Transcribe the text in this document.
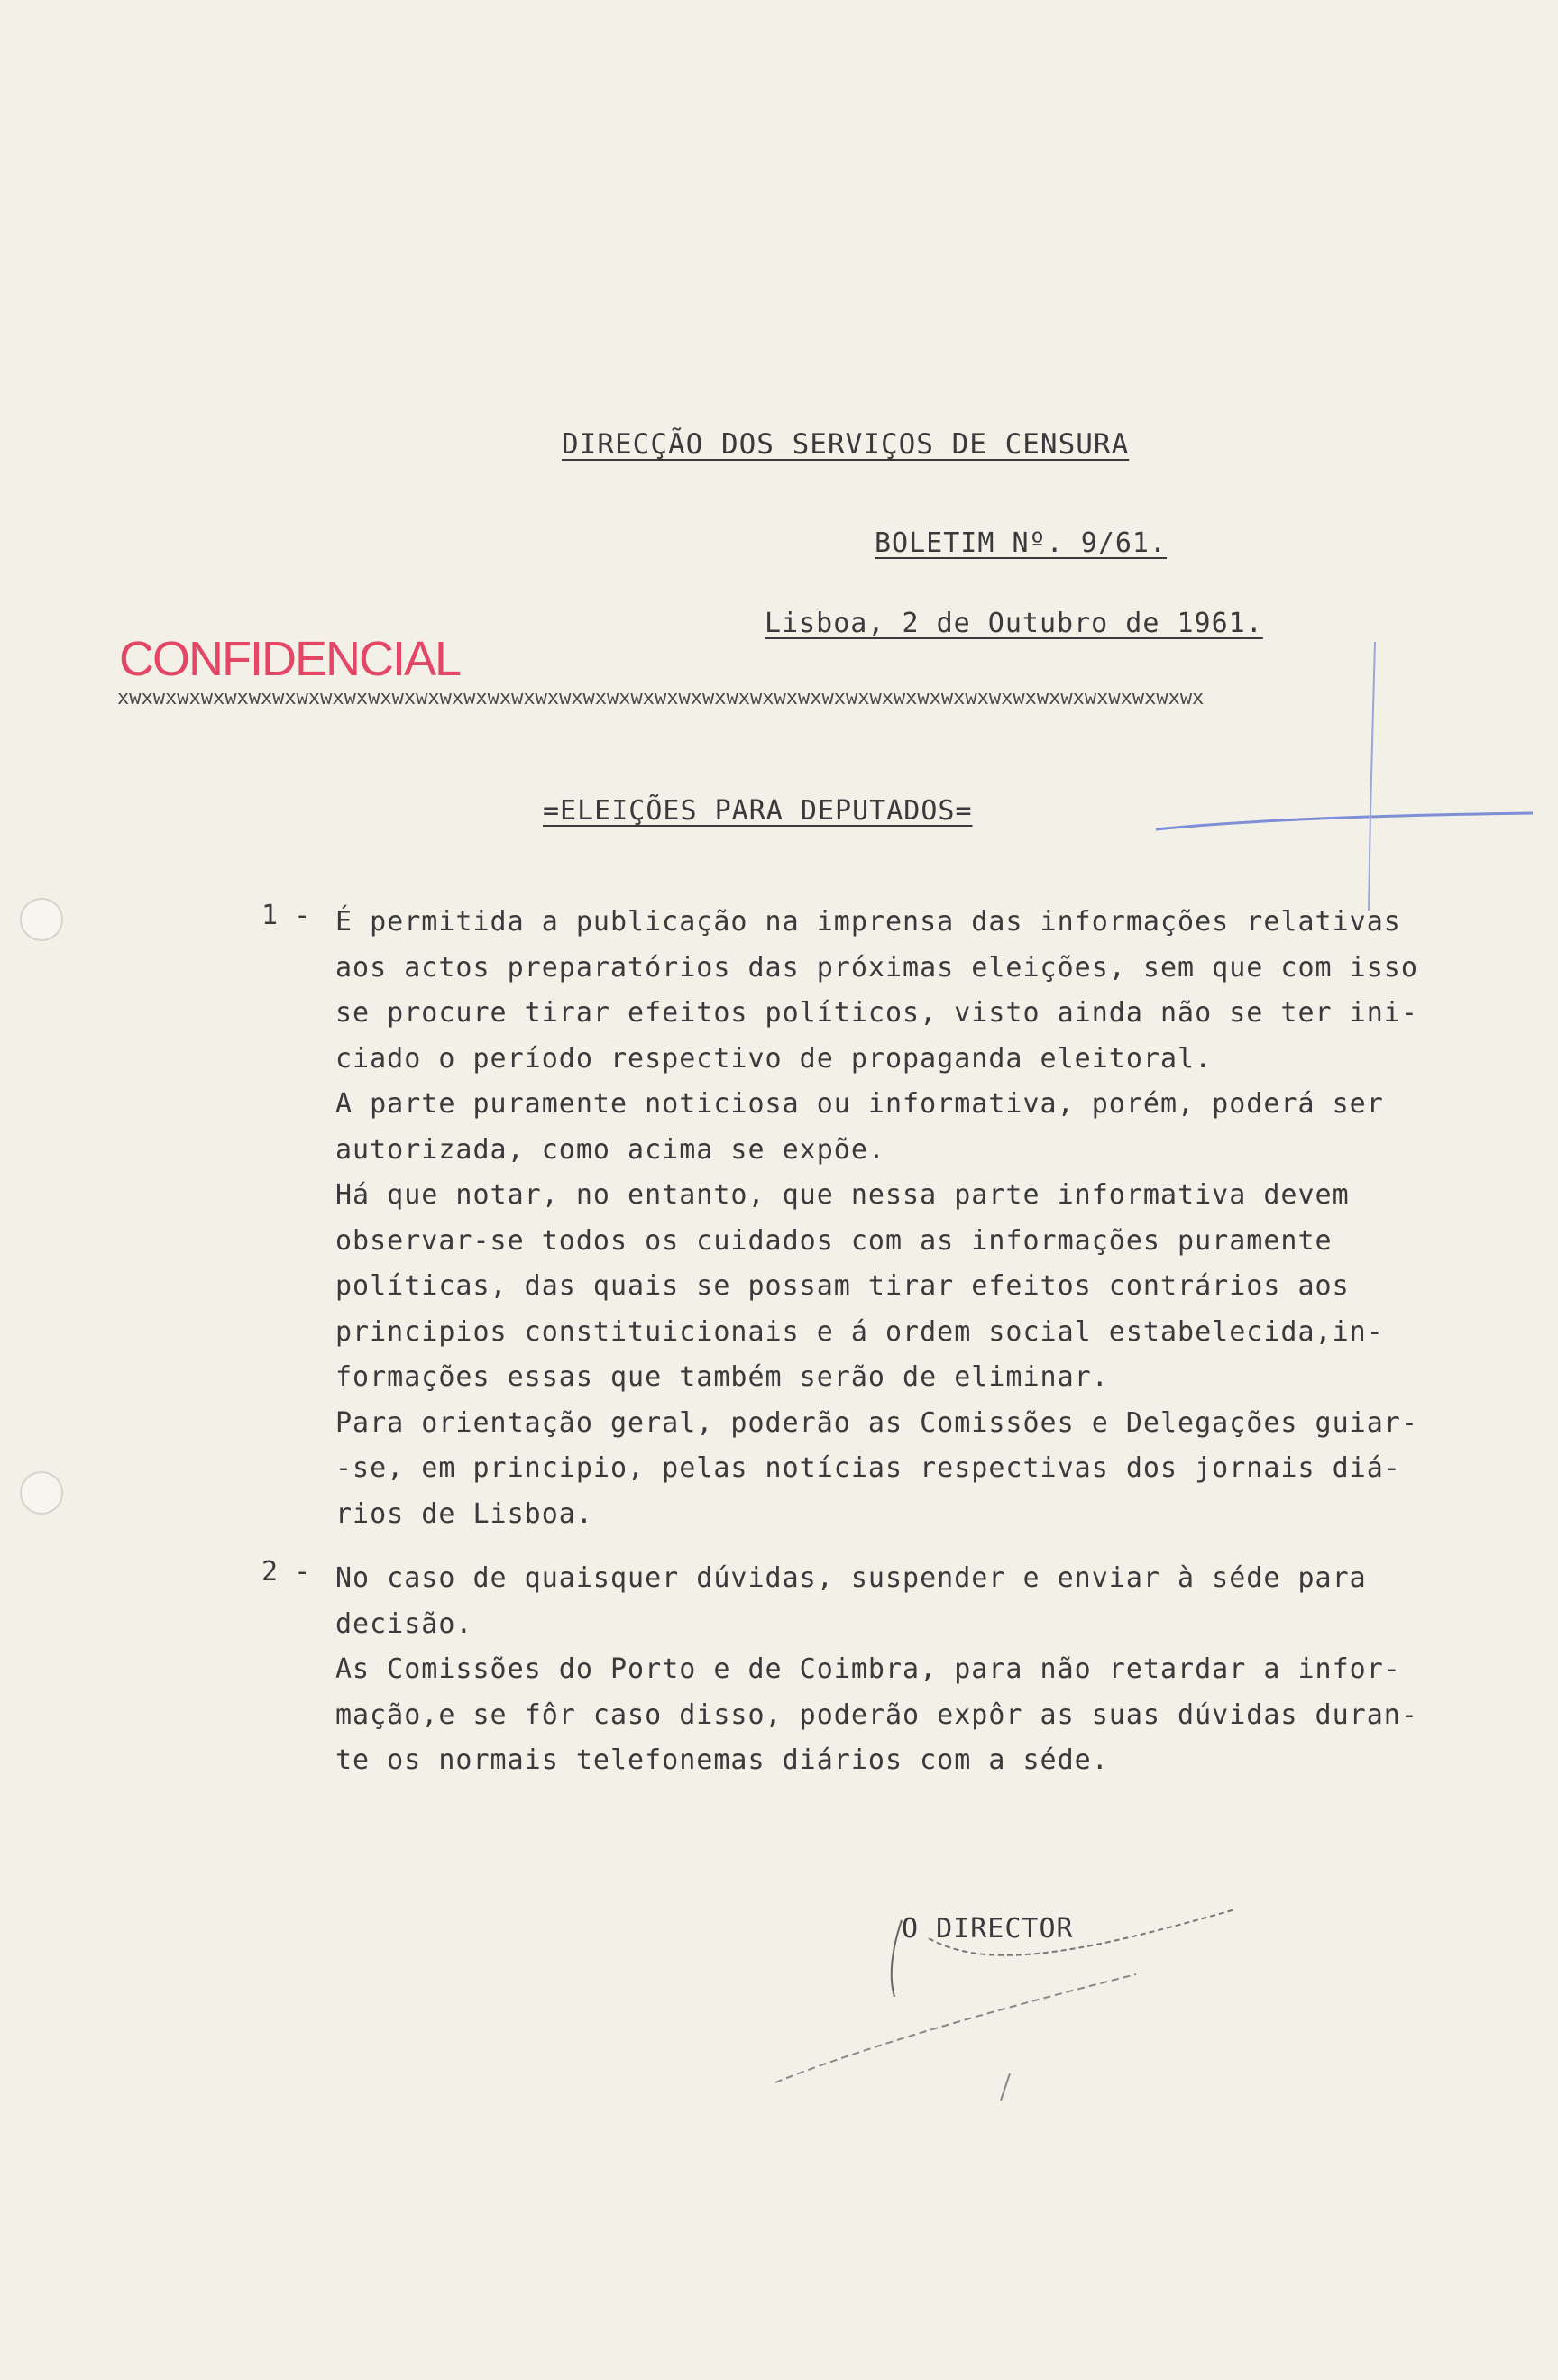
DIRECÇÃO DOS SERVIÇOS DE CENSURA
BOLETIM Nº. 9/61.
Lisboa, 2 de Outubro de 1961.
CONFIDENCIAL
xwxwxwxwxwxwxwxwxwxwxwxwxwxwxwxwxwxwxwxwxwxwxwxwxwxwxwxwxwxwxwxwxwxwxwxwxwxwxwxwxwxwxwxwxwx
=ELEIÇÕES PARA DEPUTADOS=
1 - É permitida a publicação na imprensa das informações relativas
aos actos preparatórios das próximas eleições, sem que com isso
se procure tirar efeitos políticos, visto ainda não se ter ini-
ciado o período respectivo de propaganda eleitoral.
A parte puramente noticiosa ou informativa, porém, poderá ser
autorizada, como acima se expõe.
Há que notar, no entanto, que nessa parte informativa devem
observar-se todos os cuidados com as informações puramente
políticas, das quais se possam tirar efeitos contrários aos
principios constituicionais e á ordem social estabelecida,in-
formações essas que também serão de eliminar.
Para orientação geral, poderão as Comissões e Delegações guiar-
-se, em principio, pelas notícias respectivas dos jornais diá-
rios de Lisboa.
2 - No caso de quaisquer dúvidas, suspender e enviar à séde para
decisão.
As Comissões do Porto e de Coimbra, para não retardar a infor-
mação,e se fôr caso disso, poderão expôr as suas dúvidas duran-
te os normais telefonemas diários com a séde.
O DIRECTOR
